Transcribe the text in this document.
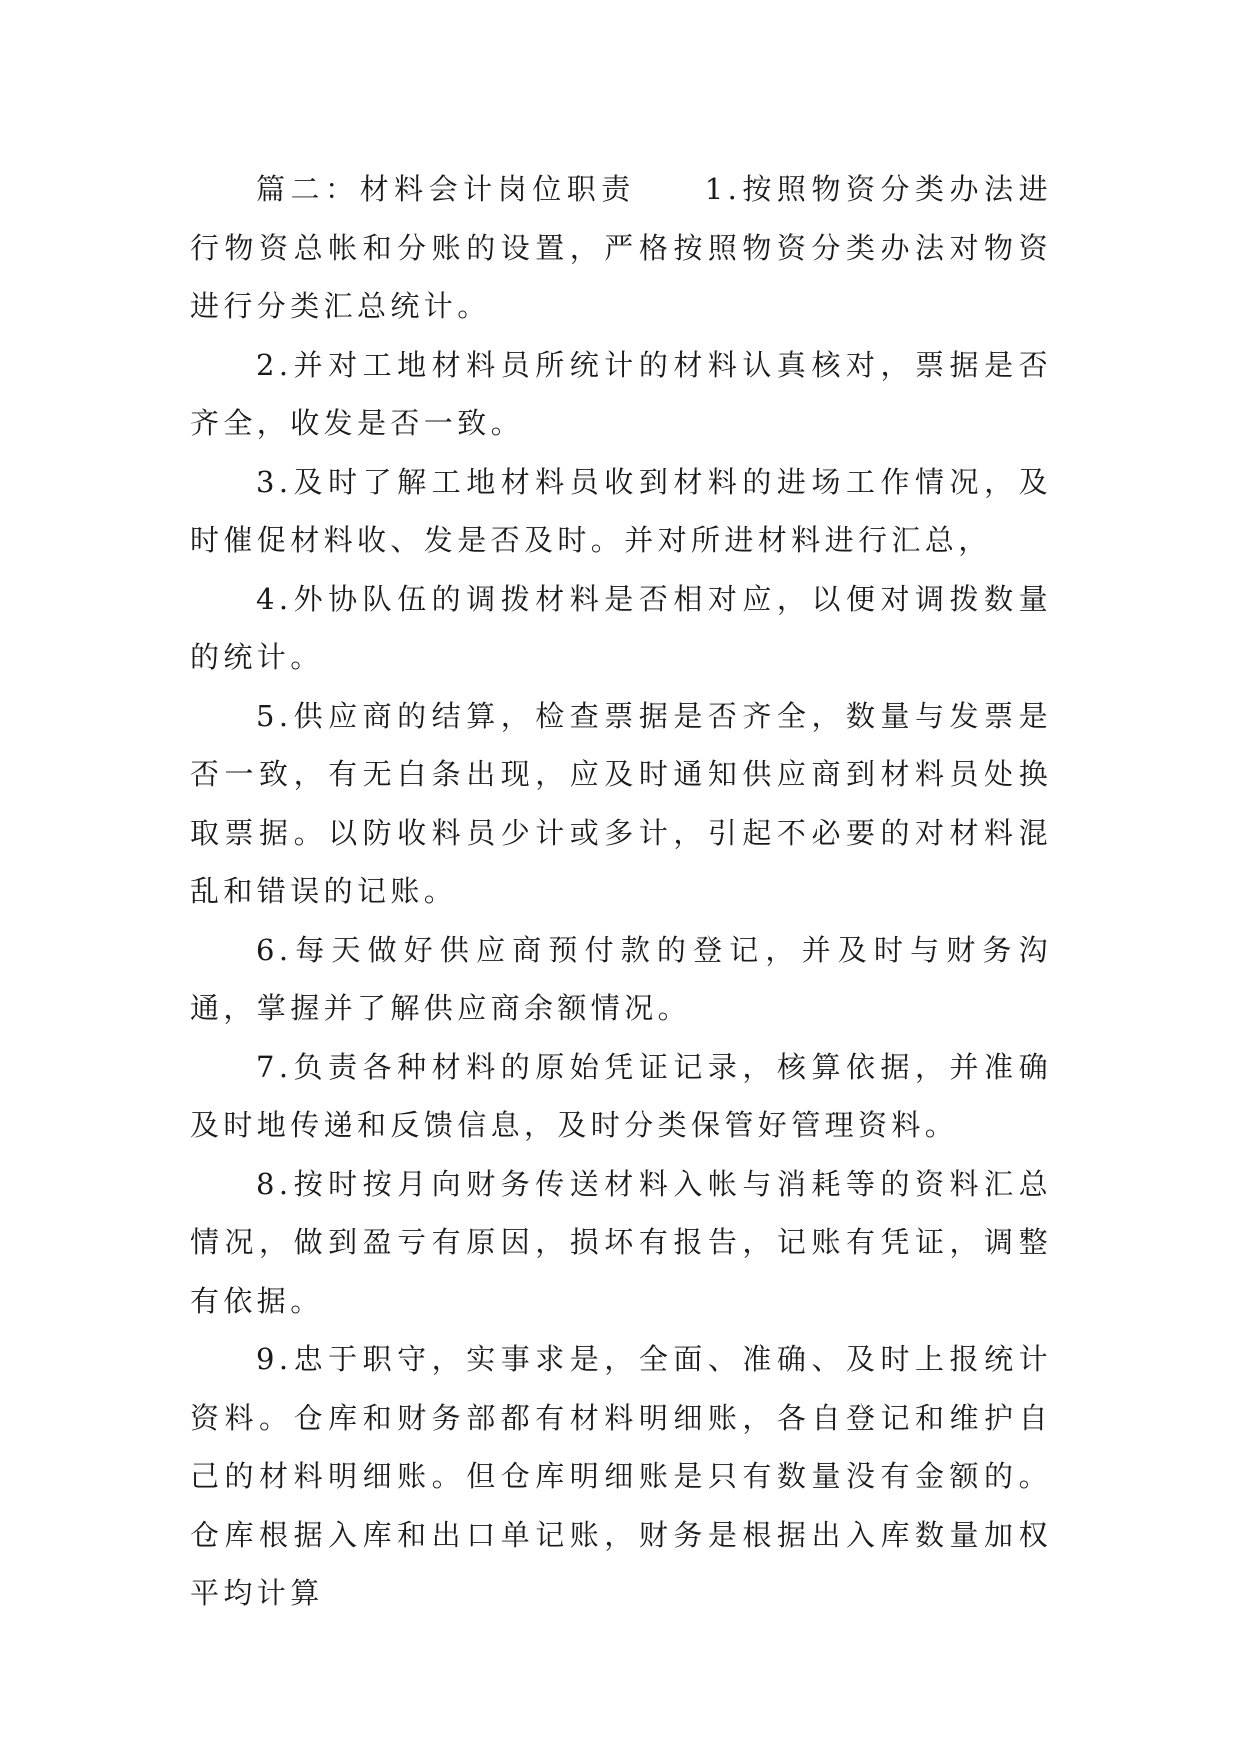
篇二：材料会计岗位职责　　1.按照物资分类办法进行物资总帐和分账的设置，严格按照物资分类办法对物资进行分类汇总统计。

2.并对工地材料员所统计的材料认真核对，票据是否齐全，收发是否一致。

3.及时了解工地材料员收到材料的进场工作情况，及时催促材料收、发是否及时。并对所进材料进行汇总，

4.外协队伍的调拨材料是否相对应，以便对调拨数量的统计。

5.供应商的结算，检查票据是否齐全，数量与发票是否一致，有无白条出现，应及时通知供应商到材料员处换取票据。以防收料员少计或多计，引起不必要的对材料混乱和错误的记账。

6.每天做好供应商预付款的登记，并及时与财务沟通，掌握并了解供应商余额情况。

7.负责各种材料的原始凭证记录，核算依据，并准确及时地传递和反馈信息，及时分类保管好管理资料。

8.按时按月向财务传送材料入帐与消耗等的资料汇总情况，做到盈亏有原因，损坏有报告，记账有凭证，调整有依据。

9.忠于职守，实事求是，全面、准确、及时上报统计资料。仓库和财务部都有材料明细账，各自登记和维护自己的材料明细账。但仓库明细账是只有数量没有金额的。仓库根据入库和出口单记账，财务是根据出入库数量加权平均计算
